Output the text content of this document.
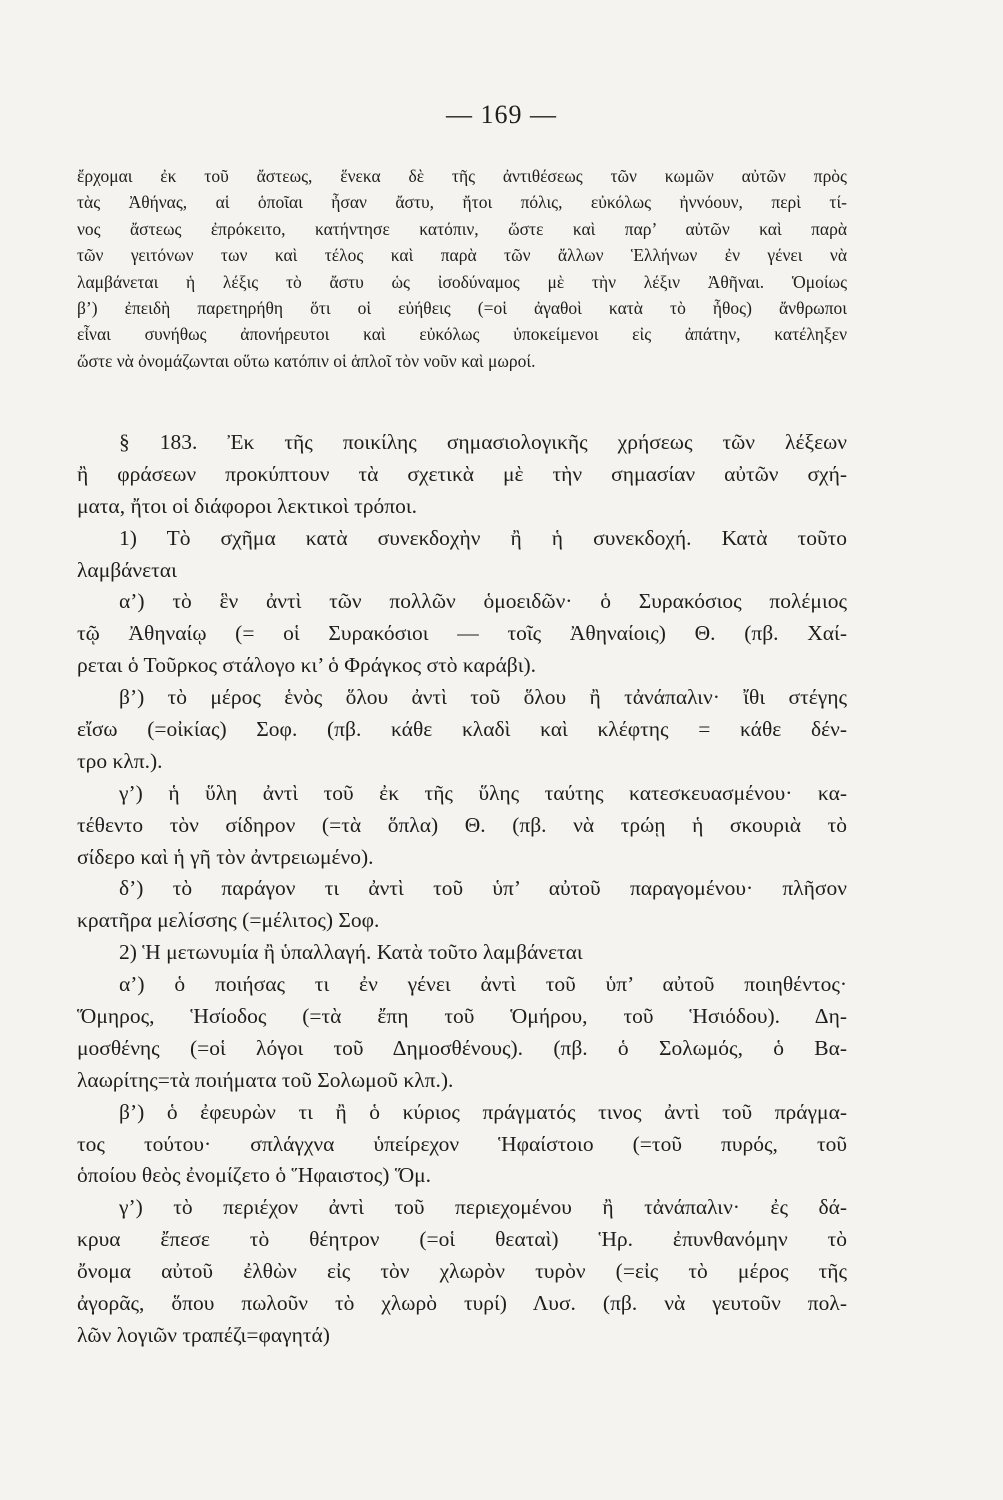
— 169 —
ἔρχομαι ἐκ τοῦ ἄστεως, ἕνεκα δὲ τῆς ἀντιθέσεως τῶν κωμῶν αὐτῶν πρὸς
τὰς Ἀθήνας, αἱ ὁποῖαι ἦσαν ἄστυ, ἤτοι πόλις, εὐκόλως ἠννόουν, περὶ τί-
νος ἄστεως ἐπρόκειτο, κατήντησε κατόπιν, ὥστε καὶ παρ’ αὐτῶν καὶ παρὰ
τῶν γειτόνων των καὶ τέλος καὶ παρὰ τῶν ἄλλων Ἑλλήνων ἐν γένει νὰ
λαμβάνεται ἡ λέξις τὸ ἄστυ ὡς ἰσοδύναμος μὲ τὴν λέξιν Ἀθῆναι. Ὁμοίως
β’) ἐπειδὴ παρετηρήθη ὅτι οἱ εὐήθεις (=οἱ ἀγαθοὶ κατὰ τὸ ἦθος) ἄνθρωποι
εἶναι συνήθως ἀπονήρευτοι καὶ εὐκόλως ὑποκείμενοι εἰς ἀπάτην, κατέληξεν
ὥστε νὰ ὀνομάζωνται οὕτω κατόπιν οἱ ἁπλοῖ τὸν νοῦν καὶ μωροί.
§ 183. Ἐκ τῆς ποικίλης σημασιολογικῆς χρήσεως τῶν λέξεων
ἢ φράσεων προκύπτουν τὰ σχετικὰ μὲ τὴν σημασίαν αὐτῶν σχή-
ματα, ἤτοι οἱ διάφοροι λεκτικοὶ τρόποι.
1) Τὸ σχῆμα κατὰ συνεκδοχὴν ἢ ἡ συνεκδοχή. Κατὰ τοῦτο
λαμβάνεται
α’) τὸ ἓν ἀντὶ τῶν πολλῶν ὁμοειδῶν· ὁ Συρακόσιος πολέμιος
τῷ Ἀθηναίῳ (= οἱ Συρακόσιοι — τοῖς Ἀθηναίοις) Θ. (πβ. Χαί-
ρεται ὁ Τοῦρκος στάλογο κι’ ὁ Φράγκος στὸ καράβι).
β’) τὸ μέρος ἑνὸς ὅλου ἀντὶ τοῦ ὅλου ἢ τἀνάπαλιν· ἴθι στέγης
εἴσω (=οἰκίας) Σοφ. (πβ. κάθε κλαδὶ καὶ κλέφτης = κάθε δέν-
τρο κλπ.).
γ’) ἡ ὕλη ἀντὶ τοῦ ἐκ τῆς ὕλης ταύτης κατεσκευασμένου· κα-
τέθεντο τὸν σίδηρον (=τὰ ὅπλα) Θ. (πβ. νὰ τρώῃ ἡ σκουριὰ τὸ
σίδερο καὶ ἡ γῆ τὸν ἀντρειωμένο).
δ’) τὸ παράγον τι ἀντὶ τοῦ ὑπ’ αὐτοῦ παραγομένου· πλῆσον
κρατῆρα μελίσσης (=μέλιτος) Σοφ.
2) Ἡ μετωνυμία ἢ ὑπαλλαγή. Κατὰ τοῦτο λαμβάνεται
α’) ὁ ποιήσας τι ἐν γένει ἀντὶ τοῦ ὑπ’ αὐτοῦ ποιηθέντος·
Ὅμηρος, Ἡσίοδος (=τὰ ἔπη τοῦ Ὁμήρου, τοῦ Ἡσιόδου). Δη-
μοσθένης (=οἱ λόγοι τοῦ Δημοσθένους). (πβ. ὁ Σολωμός, ὁ Βα-
λαωρίτης=τὰ ποιήματα τοῦ Σολωμοῦ κλπ.).
β’) ὁ ἐφευρὼν τι ἢ ὁ κύριος πράγματός τινος ἀντὶ τοῦ πράγμα-
τος τούτου· σπλάγχνα ὑπείρεχον Ἡφαίστοιο (=τοῦ πυρός, τοῦ
ὁποίου θεὸς ἐνομίζετο ὁ Ἥφαιστος) Ὅμ.
γ’) τὸ περιέχον ἀντὶ τοῦ περιεχομένου ἢ τἀνάπαλιν· ἐς δά-
κρυα ἔπεσε τὸ θέητρον (=οἱ θεαταὶ) Ἡρ. ἐπυνθανόμην τὸ
ὄνομα αὐτοῦ ἐλθὼν εἰς τὸν χλωρὸν τυρὸν (=εἰς τὸ μέρος τῆς
ἀγορᾶς, ὅπου πωλοῦν τὸ χλωρὸ τυρί) Λυσ. (πβ. νὰ γευτοῦν πολ-
λῶν λογιῶν τραπέζι=φαγητά)
